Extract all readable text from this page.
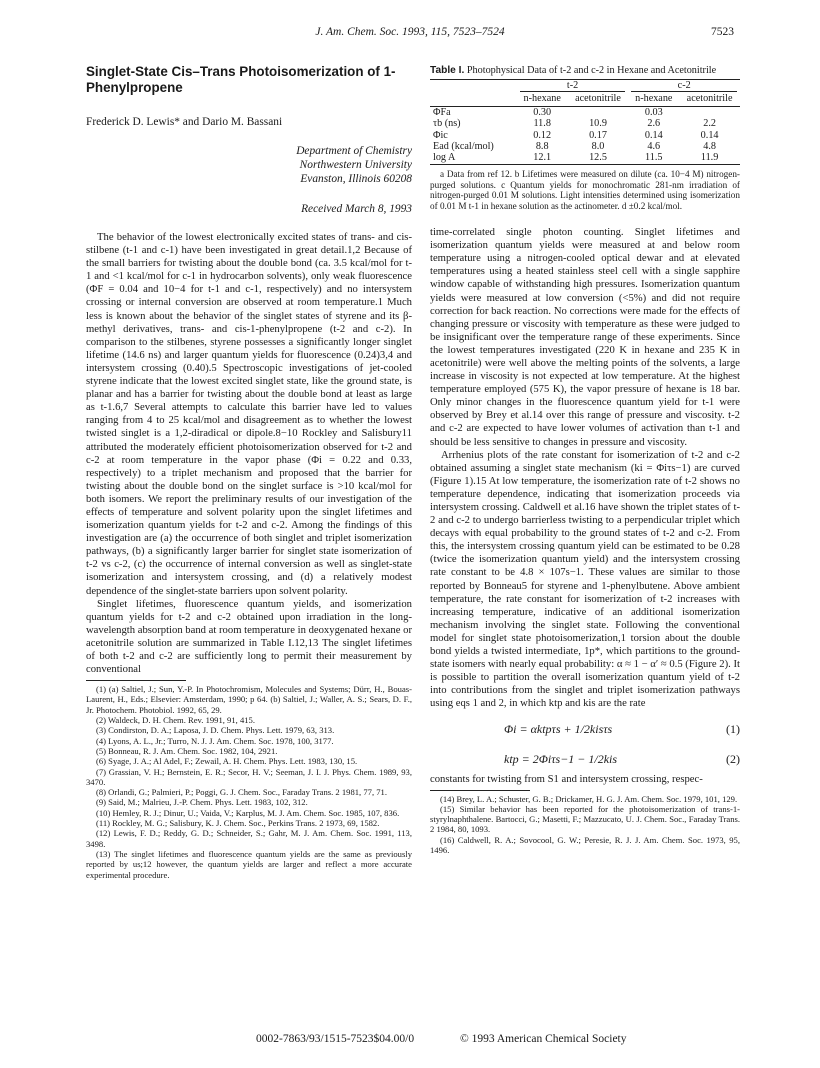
J. Am. Chem. Soc. 1993, 115, 7523–7524	7523
Singlet-State Cis–Trans Photoisomerization of 1-Phenylpropene
Frederick D. Lewis* and Dario M. Bassani
Department of Chemistry
Northwestern University
Evanston, Illinois 60208
Received March 8, 1993

The behavior of the lowest electronically excited states of trans- and cis-stilbene (t-1 and c-1) have been investigated in great detail.1,2 Because of the small barriers for twisting about the double bond (ca. 3.5 kcal/mol for t-1 and <1 kcal/mol for c-1 in hydrocarbon solvents), only weak fluorescence (ΦF = 0.04 and 10−4 for t-1 and c-1, respectively) and no intersystem crossing or internal conversion are observed at room temperature.1 Much less is known about the behavior of the singlet states of styrene and its β-methyl derivatives, trans- and cis-1-phenylpropene (t-2 and c-2). In comparison to the stilbenes, styrene possesses a significantly longer singlet lifetime (14.6 ns) and larger quantum yields for fluorescence (0.24)3,4 and intersystem crossing (0.40).5 Spectroscopic investigations of jet-cooled styrene indicate that the lowest excited singlet state, like the ground state, is planar and has a barrier for twisting about the double bond at least as large as t-1.6,7 Several attempts to calculate this barrier have led to values ranging from 4 to 25 kcal/mol and disagreement as to whether the lowest twisted singlet is a 1,2-diradical or dipole.8−10 Rockley and Salisbury11 attributed the moderately efficient photoisomerization observed for t-2 and c-2 at room temperature in the vapor phase (Φi = 0.22 and 0.33, respectively) to a triplet mechanism and proposed that the barrier for twisting about the double bond on the singlet surface is >10 kcal/mol for both isomers. We report the preliminary results of our investigation of the effects of temperature and solvent polarity upon the singlet lifetimes and isomerization quantum yields for t-2 and c-2. Among the findings of this investigation are (a) the occurrence of both singlet and triplet isomerization pathways, (b) a significantly larger barrier for singlet state isomerization of t-2 vs c-2, (c) the occurrence of internal conversion as well as singlet-state isomerization and intersystem crossing, and (d) a relatively modest dependence of the singlet-state barriers upon solvent polarity.

Singlet lifetimes, fluorescence quantum yields, and isomerization quantum yields for t-2 and c-2 obtained upon irradiation in the long-wavelength absorption band at room temperature in deoxygenated hexane or acetonitrile solution are summarized in Table I.12,13 The singlet lifetimes of both t-2 and c-2 are sufficiently long to permit their measurement by conventional

(1) (a) Saltiel, J.; Sun, Y.-P. In Photochromism, Molecules and Systems; Dürr, H., Bouas-Laurent, H., Eds.; Elsevier: Amsterdam, 1990; p 64. (b) Saltiel, J.; Waller, A. S.; Sears, D. F., Jr. Photochem. Photobiol. 1992, 65, 29.
(2) Waldeck, D. H. Chem. Rev. 1991, 91, 415.
(3) Condirston, D. A.; Laposa, J. D. Chem. Phys. Lett. 1979, 63, 313.
(4) Lyons, A. L., Jr.; Turro, N. J. J. Am. Chem. Soc. 1978, 100, 3177.
(5) Bonneau, R. J. Am. Chem. Soc. 1982, 104, 2921.
(6) Syage, J. A.; Al Adel, F.; Zewail, A. H. Chem. Phys. Lett. 1983, 130, 15.
(7) Grassian, V. H.; Bernstein, E. R.; Secor, H. V.; Seeman, J. I. J. Phys. Chem. 1989, 93, 3470.
(8) Orlandi, G.; Palmieri, P.; Poggi, G. J. Chem. Soc., Faraday Trans. 2 1981, 77, 71.
(9) Said, M.; Malrieu, J.-P. Chem. Phys. Lett. 1983, 102, 312.
(10) Hemley, R. J.; Dinur, U.; Vaida, V.; Karplus, M. J. Am. Chem. Soc. 1985, 107, 836.
(11) Rockley, M. G.; Salisbury, K. J. Chem. Soc., Perkins Trans. 2 1973, 69, 1582.
(12) Lewis, F. D.; Reddy, G. D.; Schneider, S.; Gahr, M. J. Am. Chem. Soc. 1991, 113, 3498.
(13) The singlet lifetimes and fluorescence quantum yields are the same as previously reported by us;12 however, the quantum yields are larger and reflect a more accurate experimental procedure.
Table I. Photophysical Data of t-2 and c-2 in Hexane and Acetonitrile
	t-2		c-2	

	n-hexane	acetonitrile	n-hexane	acetonitrile
ΦFa	0.30		0.03	
τb (ns)	11.8	10.9	2.6	2.2
Φic	0.12	0.17	0.14	0.14
Ead (kcal/mol)	8.8	8.0	4.6	4.8
log A	12.1	12.5	11.5	11.9
a Data from ref 12. b Lifetimes were measured on dilute (ca. 10−4 M) nitrogen-purged solutions. c Quantum yields for monochromatic 281-nm irradiation of nitrogen-purged 0.01 M solutions. Light intensities determined using isomerization of 0.01 M t-1 in hexane solution as the actinometer. d ±0.2 kcal/mol.

time-correlated single photon counting. Singlet lifetimes and isomerization quantum yields were measured at and below room temperature using a nitrogen-cooled optical dewar and at elevated temperatures using a heated stainless steel cell with a single sapphire window capable of withstanding high pressures. Isomerization quantum yields were measured at low conversion (<5%) and did not require correction for back reaction. No corrections were made for the effects of changing pressure or viscosity with temperature as these were judged to be insignificant over the temperature range of these experiments. Since the lowest temperatures investigated (220 K in hexane and 235 K in acetonitrile) were well above the melting points of the solvents, a large increase in viscosity is not expected at low temperature. At the highest temperature employed (575 K), the vapor pressure of hexane is 18 bar. Only minor changes in the fluorescence quantum yield for t-1 were observed by Brey et al.14 over this range of pressure and viscosity. t-2 and c-2 are expected to have lower volumes of activation than t-1 and should be less sensitive to changes in pressure and viscosity.

Arrhenius plots of the rate constant for isomerization of t-2 and c-2 obtained assuming a singlet state mechanism (ki = Φiτs−1) are curved (Figure 1).15 At low temperature, the isomerization rate of t-2 shows no temperature dependence, indicating that isomerization proceeds via intersystem crossing. Caldwell et al.16 have shown the triplet states of t-2 and c-2 to undergo barrierless twisting to a perpendicular triplet which decays with equal probability to the ground states of t-2 and c-2. From this, the intersystem crossing quantum yield can be estimated to be 0.28 (twice the isomerization quantum yield) and the intersystem crossing rate constant to be 4.8 × 107s−1. These values are similar to those reported by Bonneau5 for styrene and 1-phenylbutene. Above ambient temperature, the rate constant for isomerization of t-2 increases with increasing temperature, indicative of an additional isomerization mechanism involving the singlet state. Following the conventional model for singlet state photoisomerization,1 torsion about the double bond yields a twisted intermediate, 1p*, which partitions to the ground-state isomers with nearly equal probability: α ≈ 1 − α′ ≈ 0.5 (Figure 2). It is possible to partition the overall isomerization quantum yield of t-2 into contributions from the singlet and triplet isomerization pathways using eqs 1 and 2, in which ktp and kis are the rate

Φi = αktpτs + 1/2kisτs	(1)
ktp = 2Φiτs−1 − 1/2kis	(2)

constants for twisting from S1 and intersystem crossing, respec-

(14) Brey, L. A.; Schuster, G. B.; Drickamer, H. G. J. Am. Chem. Soc. 1979, 101, 129.
(15) Similar behavior has been reported for the photoisomerization of trans-1-styrylnaphthalene. Bartocci, G.; Masetti, F.; Mazzucato, U. J. Chem. Soc., Faraday Trans. 2 1984, 80, 1093.
(16) Caldwell, R. A.; Sovocool, G. W.; Peresie, R. J. J. Am. Chem. Soc. 1973, 95, 1496.
0002-7863/93/1515-7523$04.00/0	© 1993 American Chemical Society
